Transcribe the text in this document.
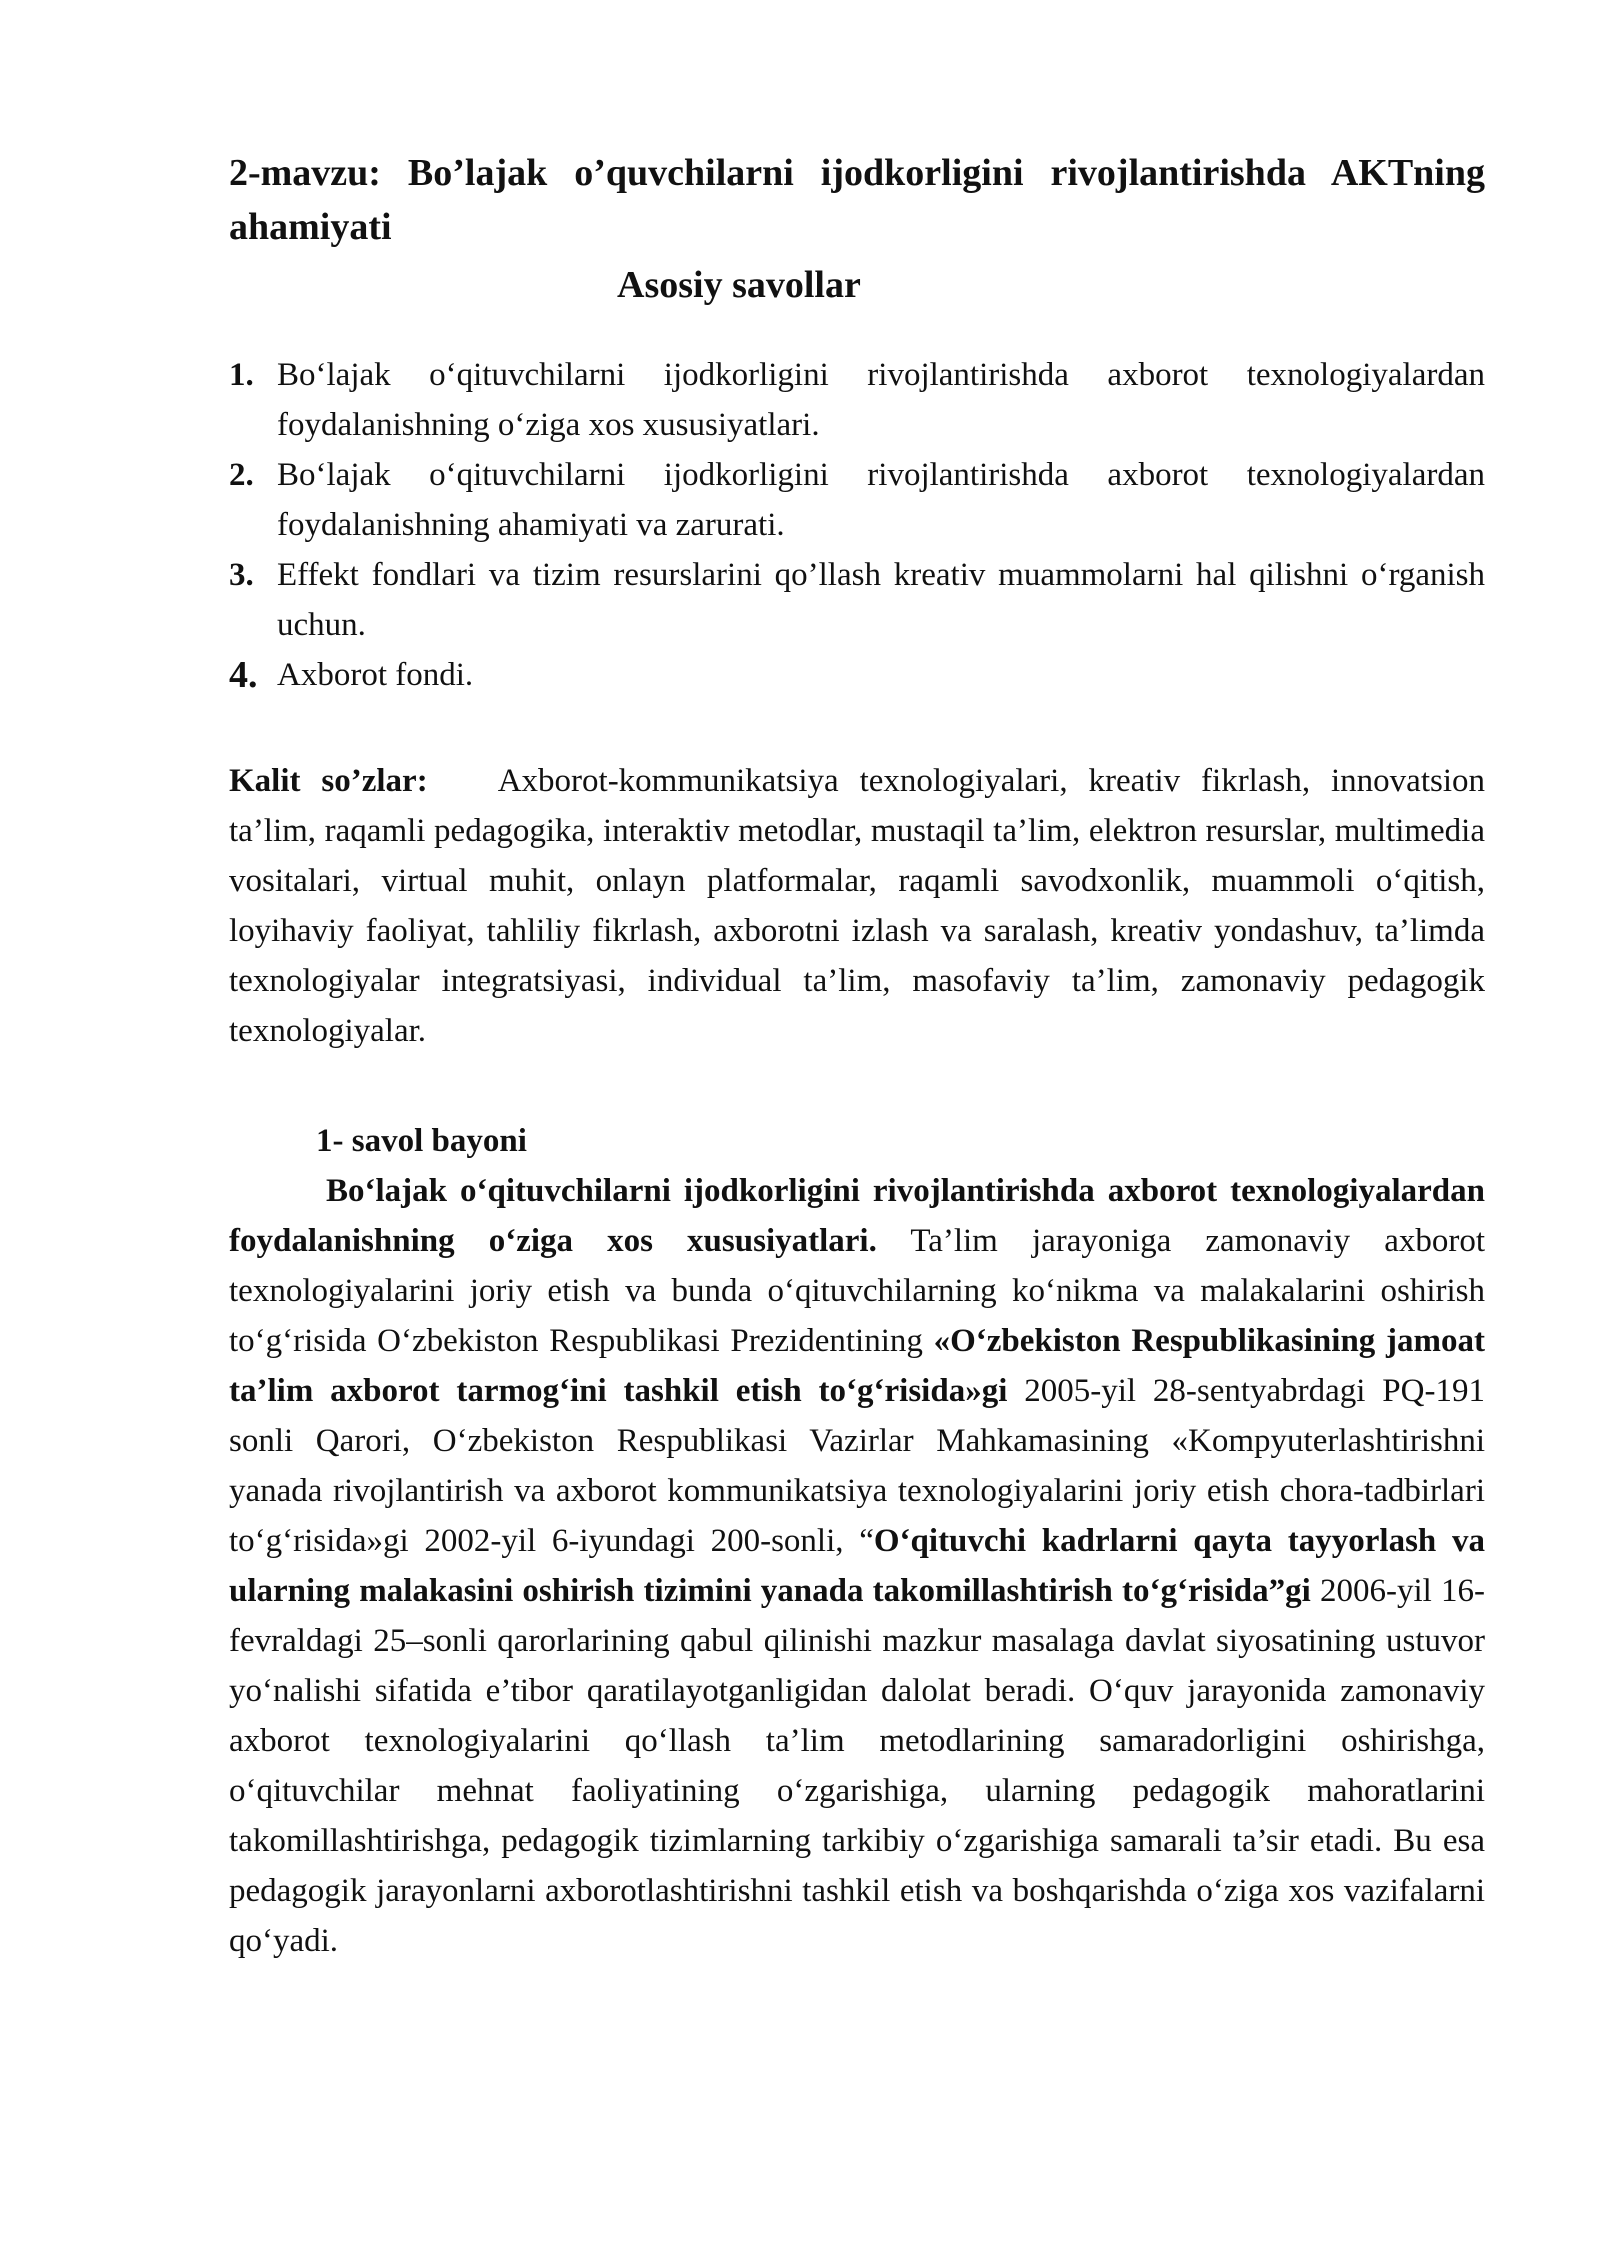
2-mavzu: Bo’lajak o’quvchilarni ijodkorligini rivojlantirishda AKTning ahamiyati

Asosiy savollar

1. Boʻlajak oʻqituvchilarni ijodkorligini rivojlantirishda axborot texnologiyalardan foydalanishning oʻziga xos xususiyatlari.
2. Boʻlajak oʻqituvchilarni ijodkorligini rivojlantirishda axborot texnologiyalardan foydalanishning ahamiyati va zarurati.
3. Effekt fondlari va tizim resurslarini qo’llash kreativ muammolarni hal qilishni oʻrganish uchun.
4. Axborot fondi.

Kalit so’zlar: Axborot-kommunikatsiya texnologiyalari, kreativ fikrlash, innovatsion ta’lim, raqamli pedagogika, interaktiv metodlar, mustaqil ta’lim, elektron resurslar, multimedia vositalari, virtual muhit, onlayn platformalar, raqamli savodxonlik, muammoli oʻqitish, loyihaviy faoliyat, tahliliy fikrlash, axborotni izlash va saralash, kreativ yondashuv, ta’limda texnologiyalar integratsiyasi, individual ta’lim, masofaviy ta’lim, zamonaviy pedagogik texnologiyalar.

1- savol bayoni

Boʻlajak oʻqituvchilarni ijodkorligini rivojlantirishda axborot texnologiyalardan foydalanishning oʻziga xos xususiyatlari. Ta’lim jarayoniga zamonaviy axborot texnologiyalarini joriy etish va bunda oʻqituvchilarning koʻnikma va malakalarini oshirish toʻgʻrisida Oʻzbekiston Respublikasi Prezidentining «Oʻzbekiston Respublikasining jamoat ta’lim axborot tarmogʻini tashkil etish toʻgʻrisida»gi 2005-yil 28-sentyabrdagi PQ-191 sonli Qarori, Oʻzbekiston Respublikasi Vazirlar Mahkamasining «Kompyuterlashtirishni yanada rivojlantirish va axborot kommunikatsiya texnologiyalarini joriy etish chora-tadbirlari toʻgʻrisida»gi 2002-yil 6-iyundagi 200-sonli, “Oʻqituvchi kadrlarni qayta tayyorlash va ularning malakasini oshirish tizimini yanada takomillashtirish toʻgʻrisida”gi 2006-yil 16-fevraldagi 25–sonli qarorlarining qabul qilinishi mazkur masalaga davlat siyosatining ustuvor yoʻnalishi sifatida e’tibor qaratilayotganligidan dalolat beradi. Oʻquv jarayonida zamonaviy axborot texnologiyalarini qoʻllash ta’lim metodlarining samaradorligini oshirishga, oʻqituvchilar mehnat faoliyatining oʻzgarishiga, ularning pedagogik mahoratlarini takomillashtirishga, pedagogik tizimlarning tarkibiy oʻzgarishiga samarali ta’sir etadi. Bu esa pedagogik jarayonlarni axborotlashtirishni tashkil etish va boshqarishda oʻziga xos vazifalarni qoʻyadi.
